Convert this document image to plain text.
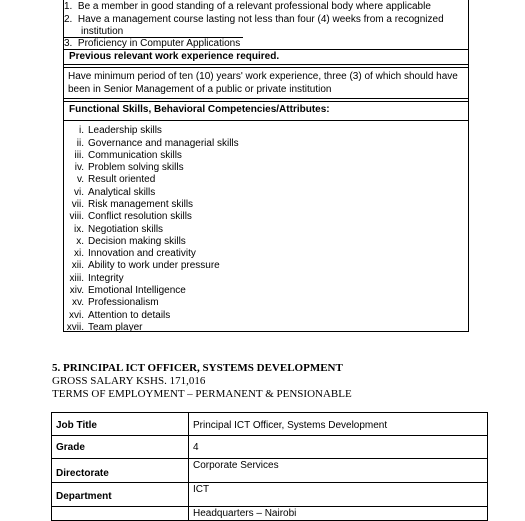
1. Be a member in good standing of a relevant professional body where applicable
2. Have a management course lasting not less than four (4) weeks from a recognized
institution
3. Proficiency in Computer Applications
Previous relevant work experience required.
Have minimum period of ten (10) years' work experience, three (3) of which should have
been in Senior Management of a public or private institution
Functional Skills, Behavioral Competencies/Attributes:
i. Leadership skills
ii. Governance and managerial skills
iii. Communication skills
iv. Problem solving skills
v. Result oriented
vi. Analytical skills
vii. Risk management skills
viii. Conflict resolution skills
ix. Negotiation skills
x. Decision making skills
xi. Innovation and creativity
xii. Ability to work under pressure
xiii. Integrity
xiv. Emotional Intelligence
xv. Professionalism
xvi. Attention to details
xvii. Team player
5. PRINCIPAL ICT OFFICER, SYSTEMS DEVELOPMENT
GROSS SALARY KSHS. 171,016
TERMS OF EMPLOYMENT – PERMANENT & PENSIONABLE
Job Title	Principal ICT Officer, Systems Development
Grade	4
Directorate	Corporate Services
Department	ICT
	Headquarters – Nairobi
